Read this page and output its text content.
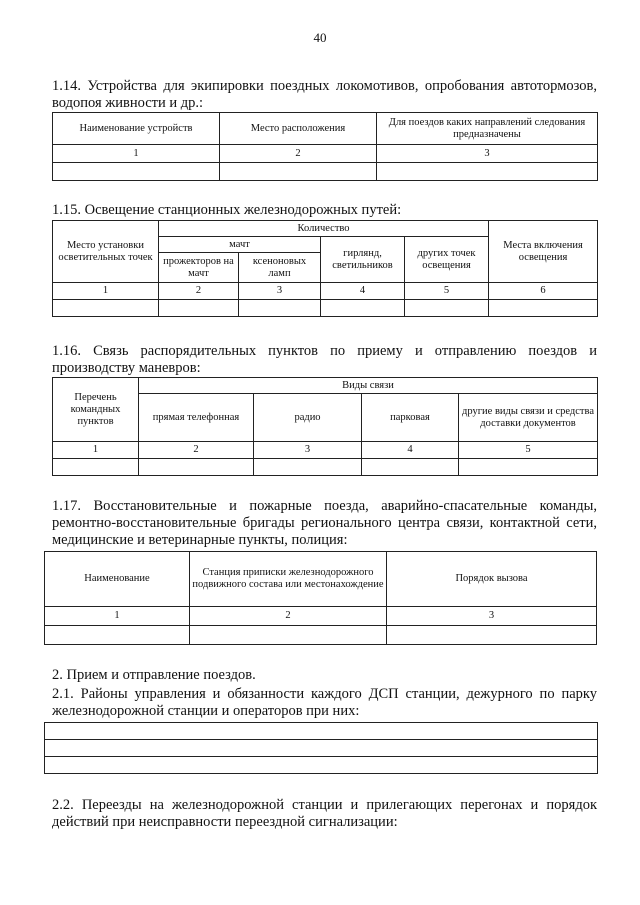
40
1.14. Устройства для экипировки поездных локомотивов, опробования автотормозов, водопоя живности и др.:
Наименование устройств	Место расположения	Для поездов каких направлений следования предназначены
1	2	3

1.15. Освещение станционных железнодорожных путей:
Место установки осветительных точек	Количество				Места включения освещения
	мачт		гирлянд, светильников	других точек освещения	
	прожекторов на мачт	ксеноновых ламп			
1	2	3	4	5	6

1.16. Связь распорядительных пунктов по приему и отправлению поездов и производству маневров:
Перечень командных пунктов	Виды связи			
	прямая телефонная	радио	парковая	другие виды связи и средства доставки документов
1	2	3	4	5

1.17. Восстановительные и пожарные поезда, аварийно-спасательные команды, ремонтно-восстановительные бригады регионального центра связи, контактной сети, медицинские и ветеринарные пункты, полиция:
Наименование	Станция приписки железнодорожного подвижного состава или местонахождение	Порядок вызова
1	2	3

2. Прием и отправление поездов.
2.1. Районы управления и обязанности каждого ДСП станции, дежурного по парку железнодорожной станции и операторов при них:
2.2. Переезды на железнодорожной станции и прилегающих перегонах и порядок действий при неисправности переездной сигнализации:
